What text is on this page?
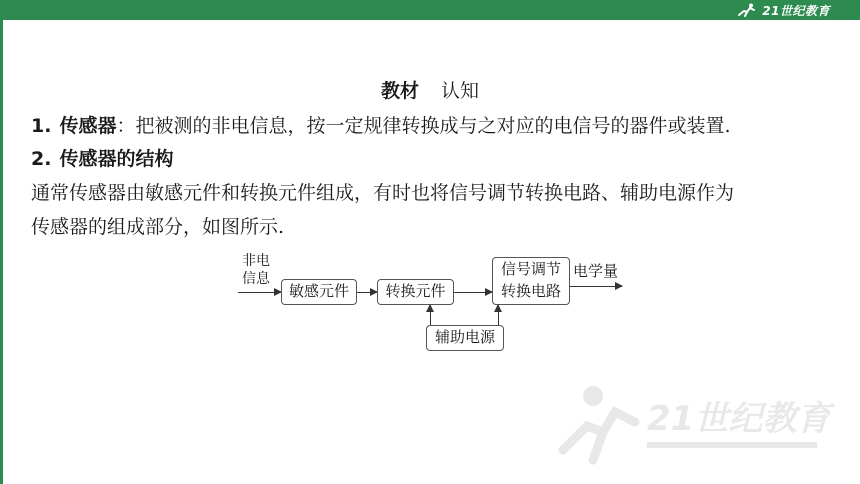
21世纪教育
教材 认知
1. 传感器：把被测的非电信息，按一定规律转换成与之对应的电信号的器件或装置.
2. 传感器的结构
通常传感器由敏感元件和转换元件组成，有时也将信号调节转换电路、辅助电源作为
传感器的组成部分，如图所示.
非电
信息
敏感元件	转换元件
信号调节
转换电路
电学量
辅助电源
21世纪教育
